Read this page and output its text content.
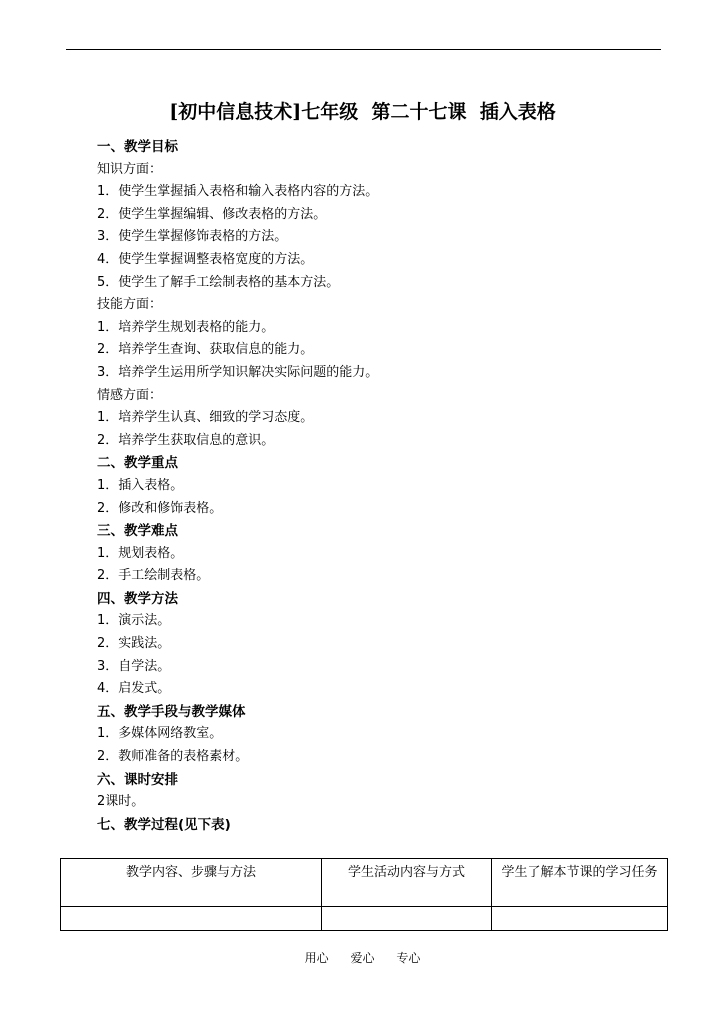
[初中信息技术]七年级  第二十七课  插入表格
一、教学目标
知识方面：
1．使学生掌握插入表格和输入表格内容的方法。
2．使学生掌握编辑、修改表格的方法。
3．使学生掌握修饰表格的方法。
4．使学生掌握调整表格宽度的方法。
5．使学生了解手工绘制表格的基本方法。
技能方面：
1．培养学生规划表格的能力。
2．培养学生查询、获取信息的能力。
3．培养学生运用所学知识解决实际问题的能力。
情感方面：
1．培养学生认真、细致的学习态度。
2．培养学生获取信息的意识。
二、教学重点
1．插入表格。
2．修改和修饰表格。
三、教学难点
1．规划表格。
2．手工绘制表格。
四、教学方法
1．演示法。
2．实践法。
3．自学法。
4．启发式。
五、教学手段与教学媒体
1．多媒体网络教室。
2．教师准备的表格素材。
六、课时安排
2课时。
七、教学过程(见下表)
教学内容、步骤与方法	学生活动内容与方式	学生了解本节课的学习任务

用心 爱心 专心
